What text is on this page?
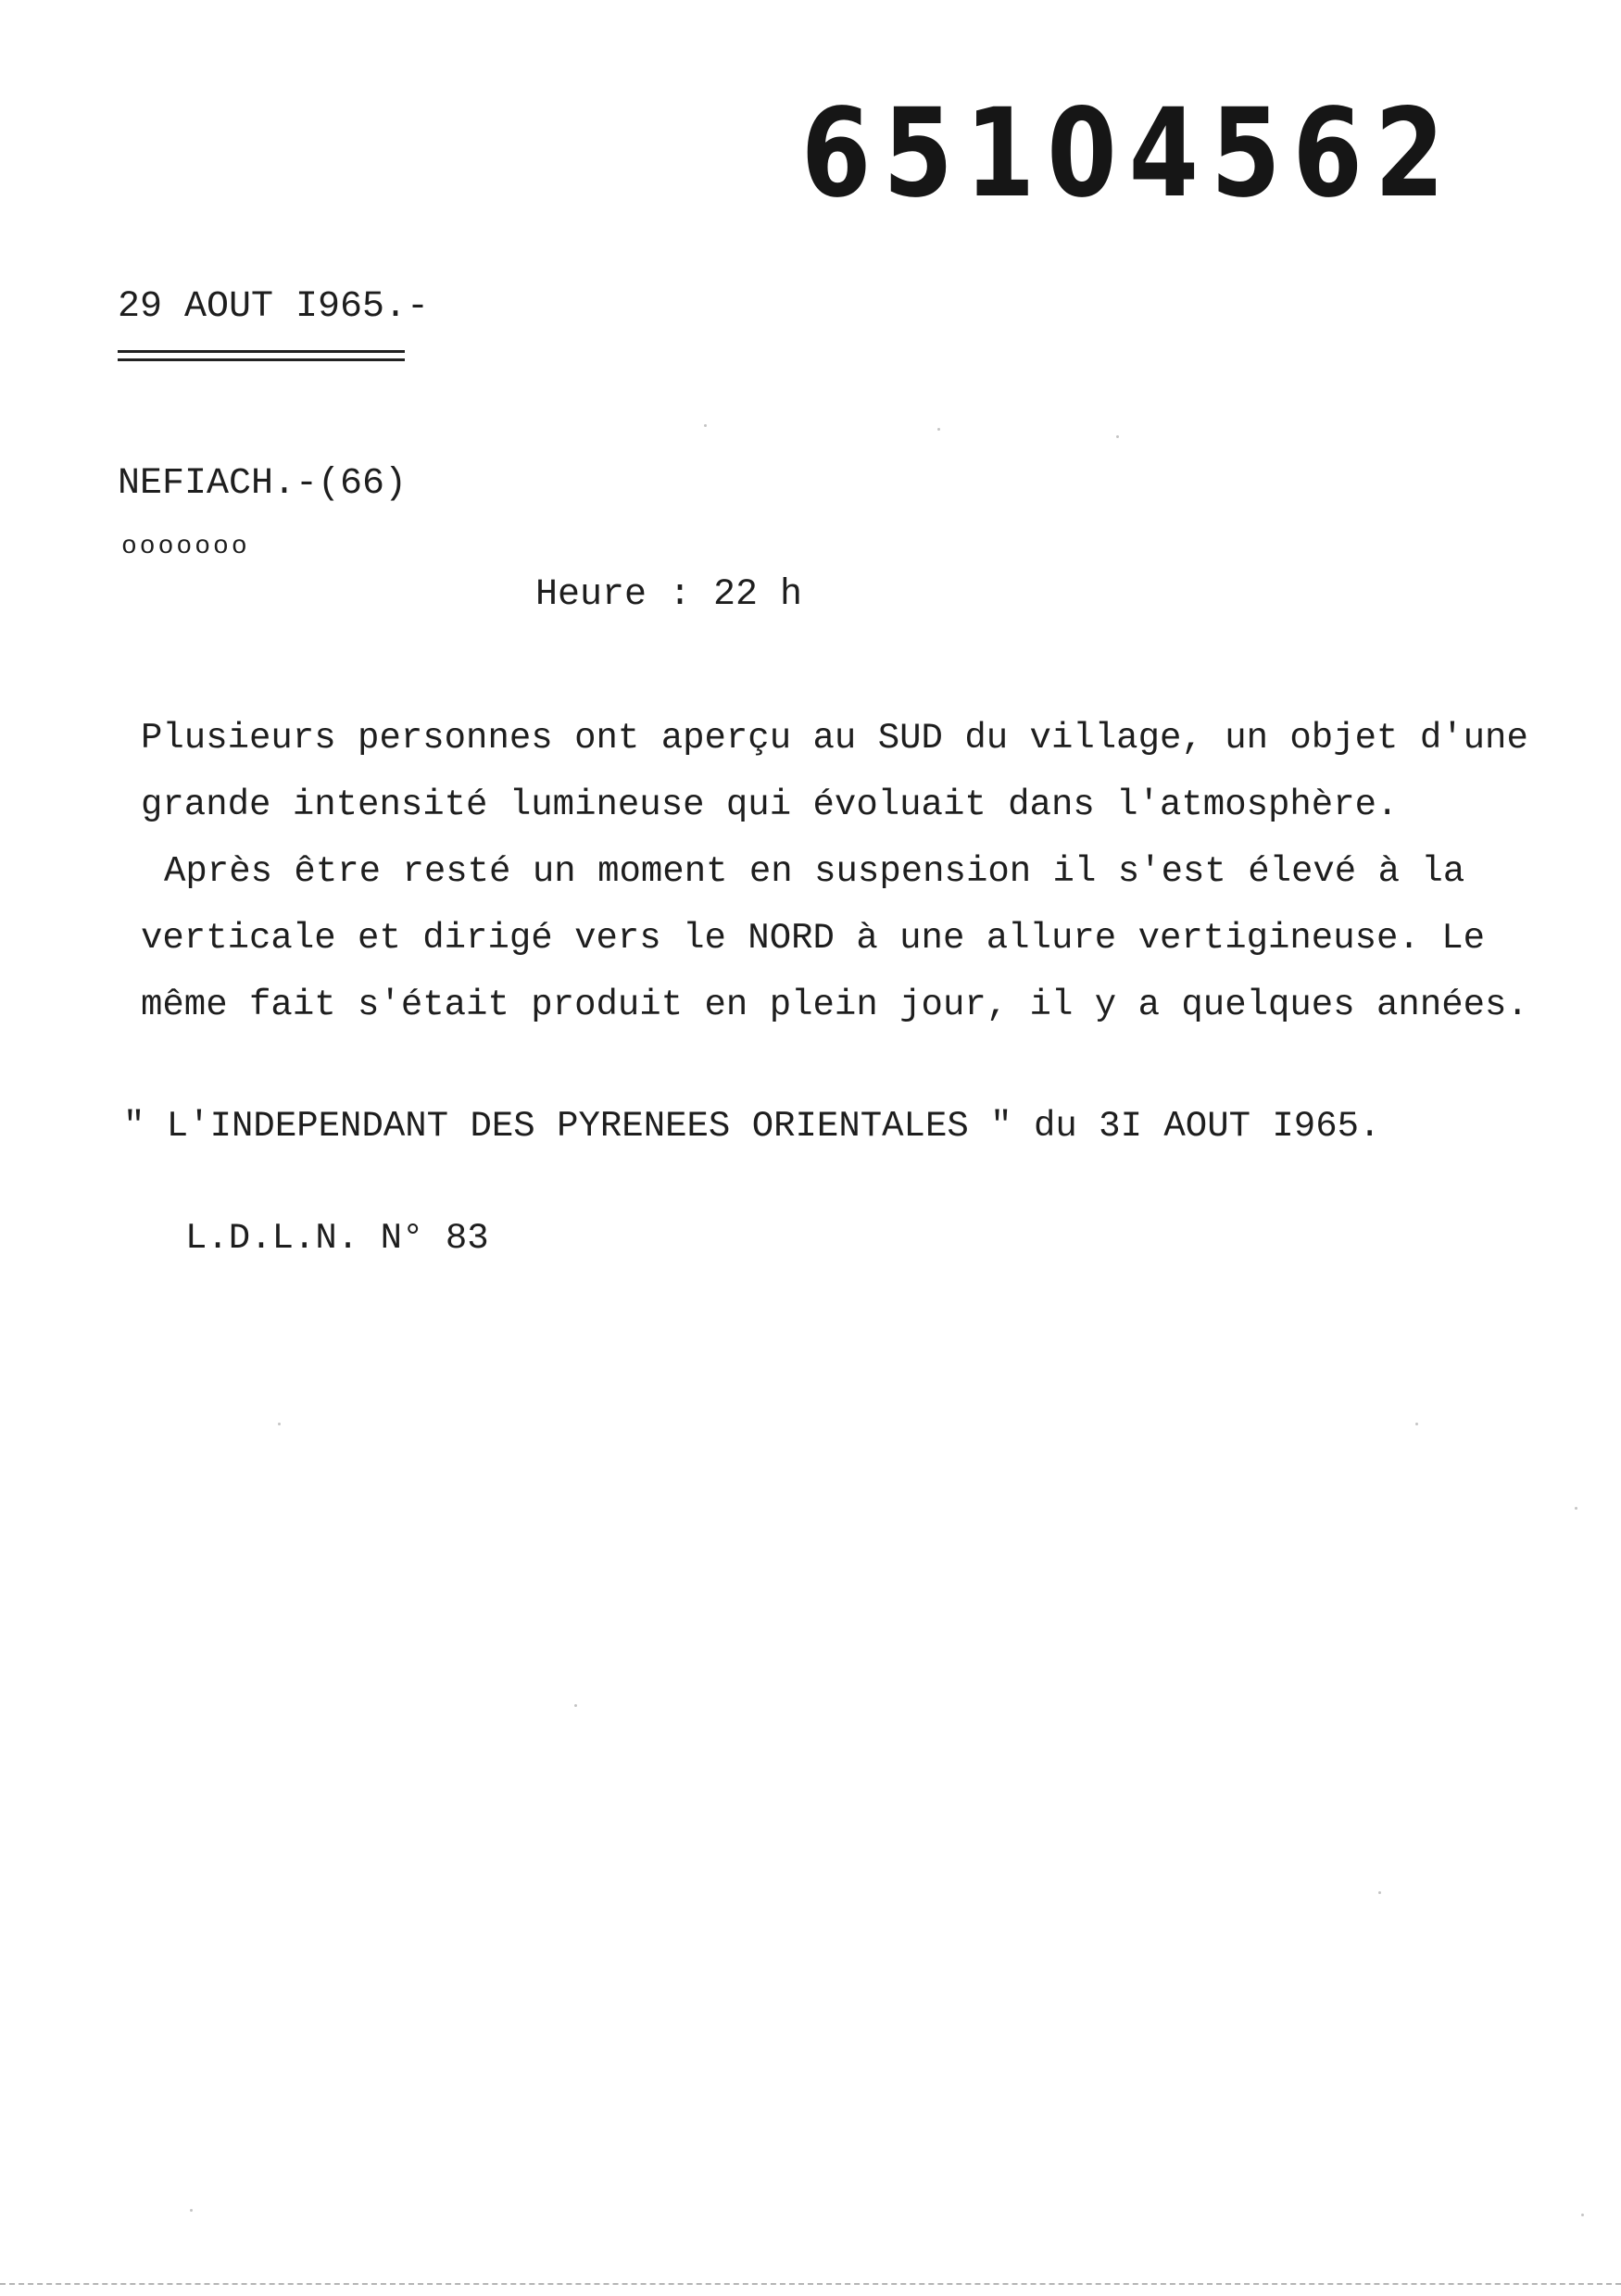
65104562
29 AOUT I965.-
NEFIACH.-(66)
ooooooo
Heure : 22 h
Plusieurs personnes ont aperçu au SUD du village, un objet d'une
grande intensité lumineuse qui évoluait dans l'atmosphère.
Après être resté un moment en suspension il s'est élevé à la
verticale et dirigé vers le NORD à une allure vertigineuse. Le
même fait s'était produit en plein jour, il y a quelques années.
" L'INDEPENDANT DES PYRENEES ORIENTALES " du 3I AOUT I965.
L.D.L.N. N° 83
